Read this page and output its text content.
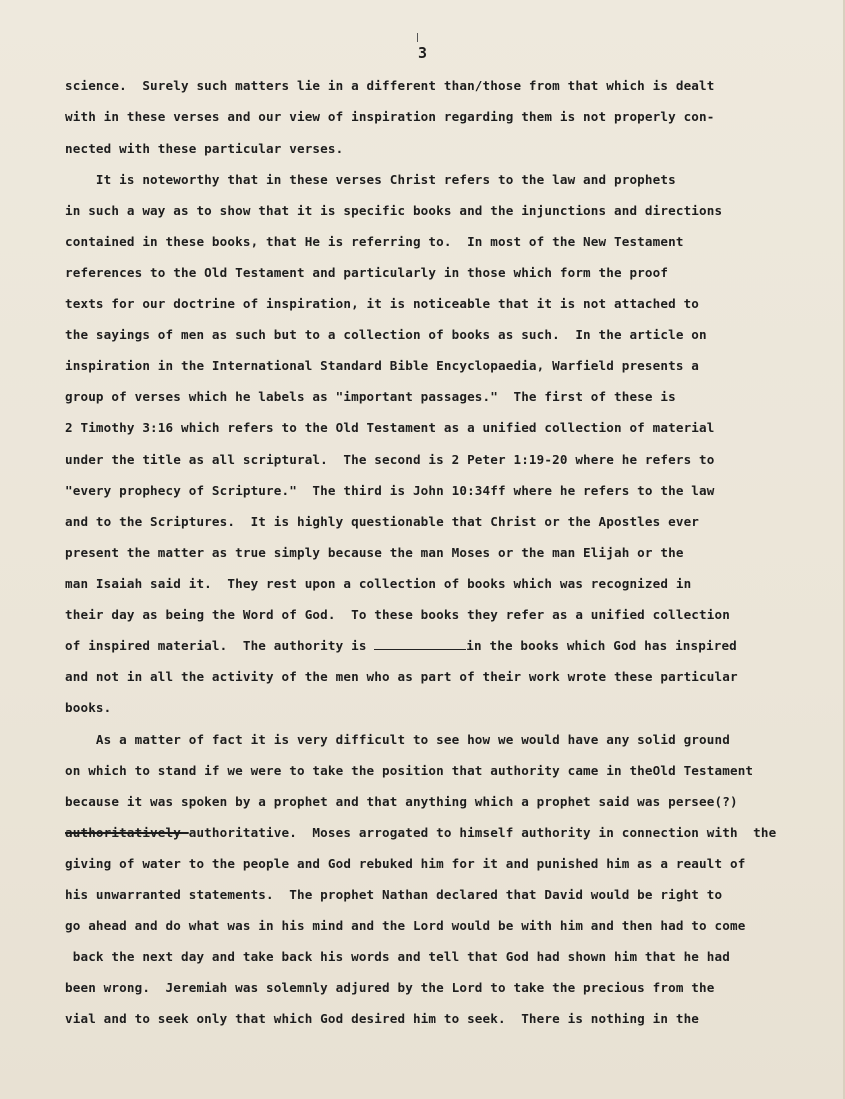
3
science.  Surely such matters lie in a different than/those from that which is dealt
with in these verses and our view of inspiration regarding them is not properly con-
nected with these particular verses.
It is noteworthy that in these verses Christ refers to the law and prophets
in such a way as to show that it is specific books and the injunctions and directions
contained in these books, that He is referring to.  In most of the New Testament
references to the Old Testament and particularly in those which form the proof
texts for our doctrine of inspiration, it is noticeable that it is not attached to
the sayings of men as such but to a collection of books as such.  In the article on
inspiration in the International Standard Bible Encyclopaedia, Warfield presents a
group of verses which he labels as "important passages."  The first of these is
2 Timothy 3:16 which refers to the Old Testament as a unified collection of material
under the title as all scriptural.  The second is 2 Peter 1:19-20 where he refers to
"every prophecy of Scripture."  The third is John 10:34ff where he refers to the law
and to the Scriptures.  It is highly questionable that Christ or the Apostles ever
present the matter as true simply because the man Moses or the man Elijah or the
man Isaiah said it.  They rest upon a collection of books which was recognized in
their day as being the Word of God.  To these books they refer as a unified collection
of inspired material.  The authority is	in the books which God has inspired
and not in all the activity of the men who as part of their work wrote these particular
books.
As a matter of fact it is very difficult to see how we would have any solid ground
on which to stand if we were to take the position that authority came in theOld Testament
because it was spoken by a prophet and that anything which a prophet said was persee(?)
authoritatively authoritative.  Moses arrogated to himself authority in connection with  the
giving of water to the people and God rebuked him for it and punished him as a reault of
his unwarranted statements.  The prophet Nathan declared that David would be right to
go ahead and do what was in his mind and the Lord would be with him and then had to come
back the next day and take back his words and tell that God had shown him that he had
been wrong.  Jeremiah was solemnly adjured by the Lord to take the precious from the
vial and to seek only that which God desired him to seek.  There is nothing in the
